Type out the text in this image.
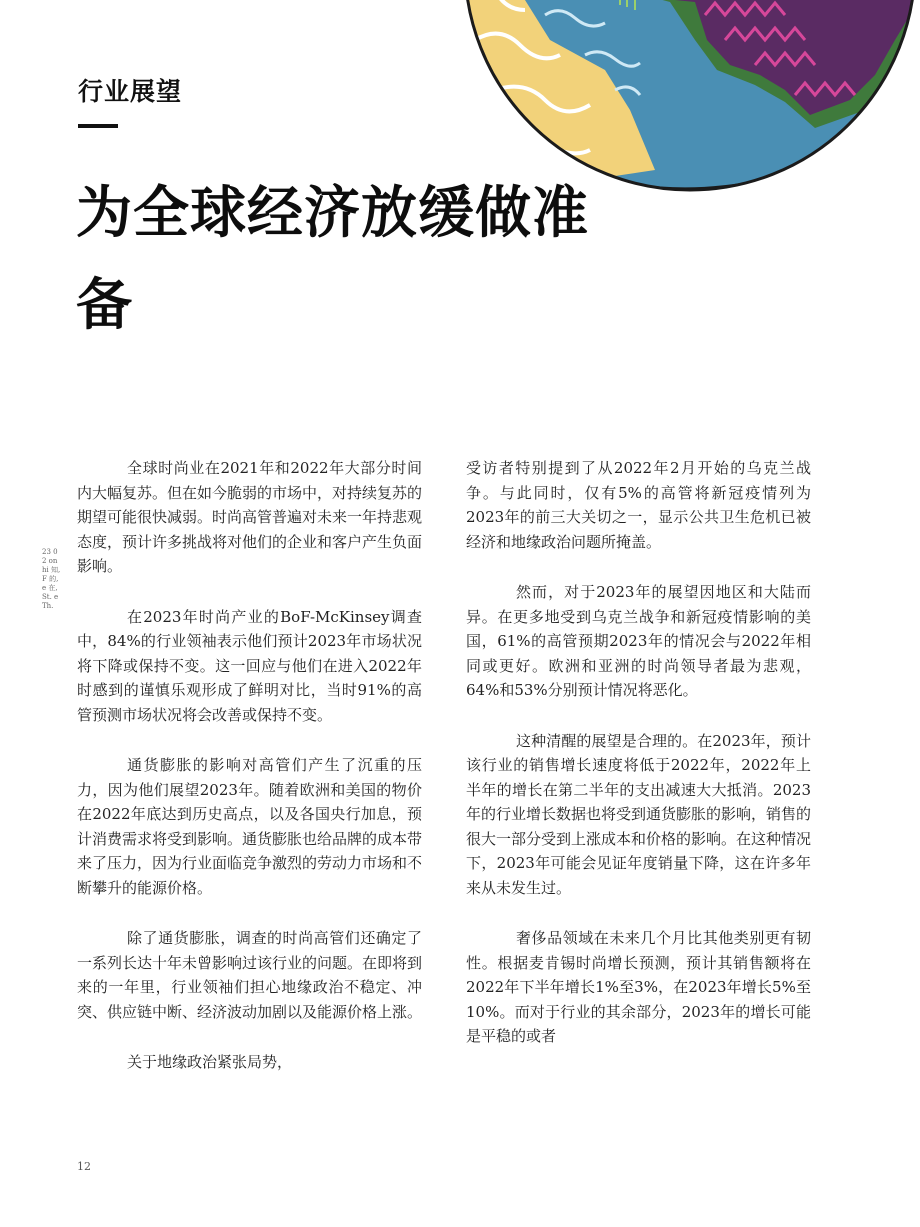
行业展望
为全球经济放缓做准备
23 0 2 on hi 知, F 的, e 在, St. e Th.

全球时尚业在2021年和2022年大部分时间内大幅复苏。但在如今脆弱的市场中，对持续复苏的期望可能很快减弱。时尚高管普遍对未来一年持悲观态度，预计许多挑战将对他们的企业和客户产生负面影响。

在2023年时尚产业的BoF-McKinsey调查中，84%的行业领袖表示他们预计2023年市场状况将下降或保持不变。这一回应与他们在进入2022年时感到的谨慎乐观形成了鲜明对比，当时91%的高管预测市场状况将会改善或保持不变。

通货膨胀的影响对高管们产生了沉重的压力，因为他们展望2023年。随着欧洲和美国的物价在2022年底达到历史高点，以及各国央行加息，预计消费需求将受到影响。通货膨胀也给品牌的成本带来了压力，因为行业面临竞争激烈的劳动力市场和不断攀升的能源价格。

除了通货膨胀，调查的时尚高管们还确定了一系列长达十年未曾影响过该行业的问题。在即将到来的一年里，行业领袖们担心地缘政治不稳定、冲突、供应链中断、经济波动加剧以及能源价格上涨。

关于地缘政治紧张局势，

受访者特别提到了从2022年2月开始的乌克兰战争。与此同时，仅有5%的高管将新冠疫情列为2023年的前三大关切之一，显示公共卫生危机已被经济和地缘政治问题所掩盖。

然而，对于2023年的展望因地区和大陆而异。在更多地受到乌克兰战争和新冠疫情影响的美国，61%的高管预期2023年的情况会与2022年相同或更好。欧洲和亚洲的时尚领导者最为悲观，64%和53%分别预计情况将恶化。

这种清醒的展望是合理的。在2023年，预计该行业的销售增长速度将低于2022年，2022年上半年的增长在第二半年的支出减速大大抵消。2023年的行业增长数据也将受到通货膨胀的影响，销售的很大一部分受到上涨成本和价格的影响。在这种情况下，2023年可能会见证年度销量下降，这在许多年来从未发生过。

奢侈品领域在未来几个月比其他类别更有韧性。根据麦肯锡时尚增长预测，预计其销售额将在2022年下半年增长1%至3%，在2023年增长5%至10%。而对于行业的其余部分，2023年的增长可能是平稳的或者

12
